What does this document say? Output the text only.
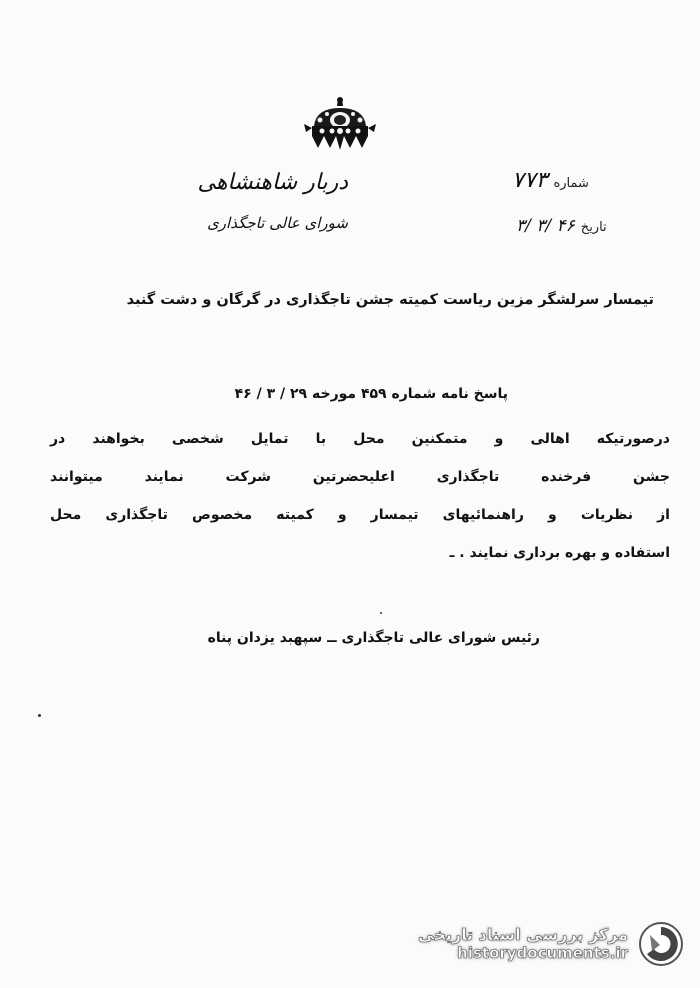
دربار شاهنشاهی
شورای عالی تاجگذاری
شماره
۷۷۳
تاریخ
۳/ ۳/ ۴۶
تیمسار سرلشگر مزین ریاست کمیته جشن تاجگذاری در گرگان و دشت گنبد
پاسخ نامه شماره ۴۵۹ مورخه ۲۹ / ۳ / ۴۶
درصورتیکه اهالی و متمکنین محل با تمایل شخصی بخواهند در
جشن فرخنده تاجگذاری اعلیحضرتین شرکت نمایند میتوانند
از نظریات و راهنمائیهای تیمسار و کمیته مخصوص تاجگذاری محل
استفاده و بهره برداری نمایند . ـ
رئیس شورای عالی تاجگذاری ــ سپهبد یزدان پناه
مرکز بررسی اسناد تاریخی
historydocuments.ir
